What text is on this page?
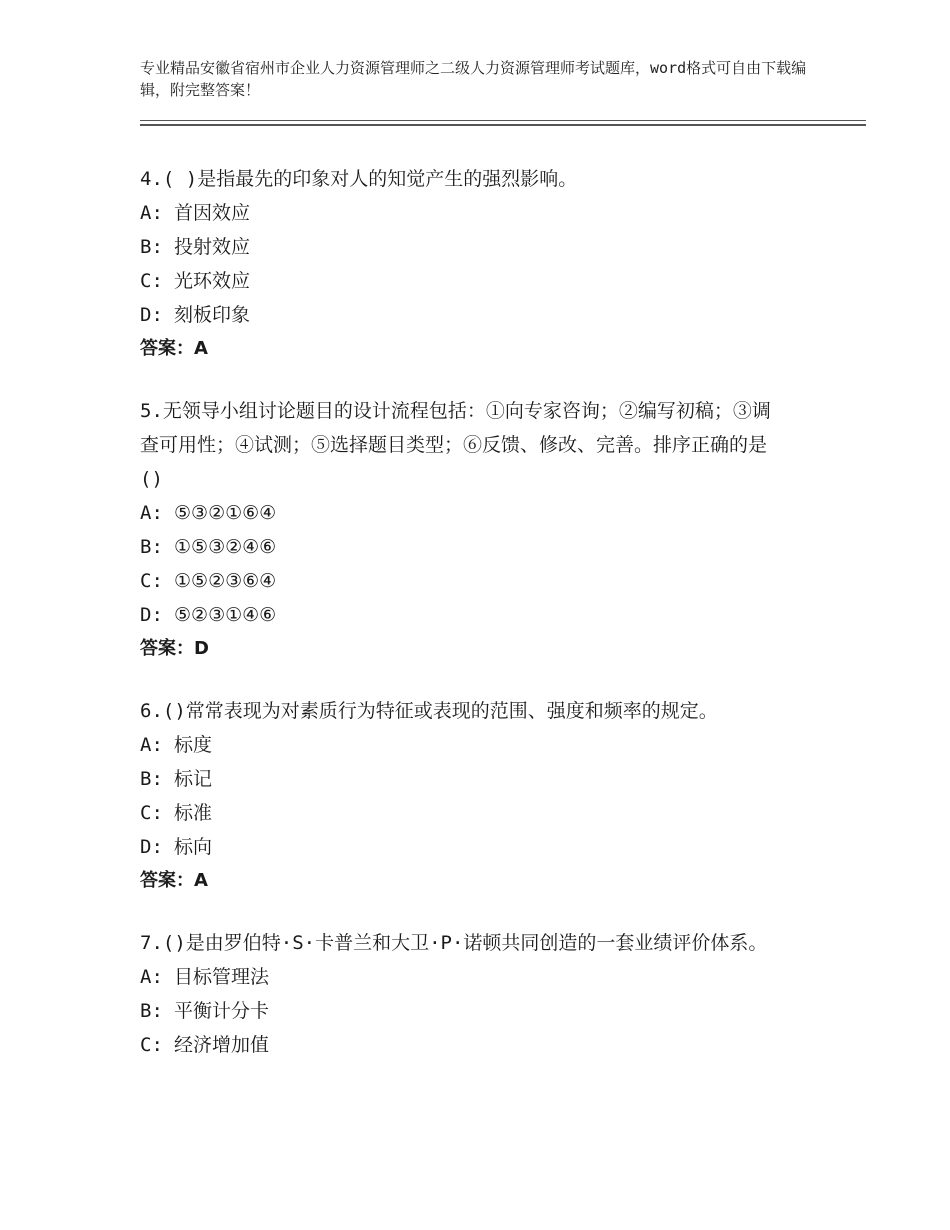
专业精品安徽省宿州市企业人力资源管理师之二级人力资源管理师考试题库，word格式可自由下载编辑，附完整答案！

4.( )是指最先的印象对人的知觉产生的强烈影响。

A: 首因效应

B: 投射效应

C: 光环效应

D: 刻板印象

答案：A

5.无领导小组讨论题目的设计流程包括：①向专家咨询；②编写初稿；③调查可用性；④试测；⑤选择题目类型；⑥反馈、修改、完善。排序正确的是()

A: ⑤③②①⑥④

B: ①⑤③②④⑥

C: ①⑤②③⑥④

D: ⑤②③①④⑥

答案：D

6.()常常表现为对素质行为特征或表现的范围、强度和频率的规定。

A: 标度

B: 标记

C: 标准

D: 标向

答案：A

7.()是由罗伯特·S·卡普兰和大卫·P·诺顿共同创造的一套业绩评价体系。

A: 目标管理法

B: 平衡计分卡

C: 经济增加值
